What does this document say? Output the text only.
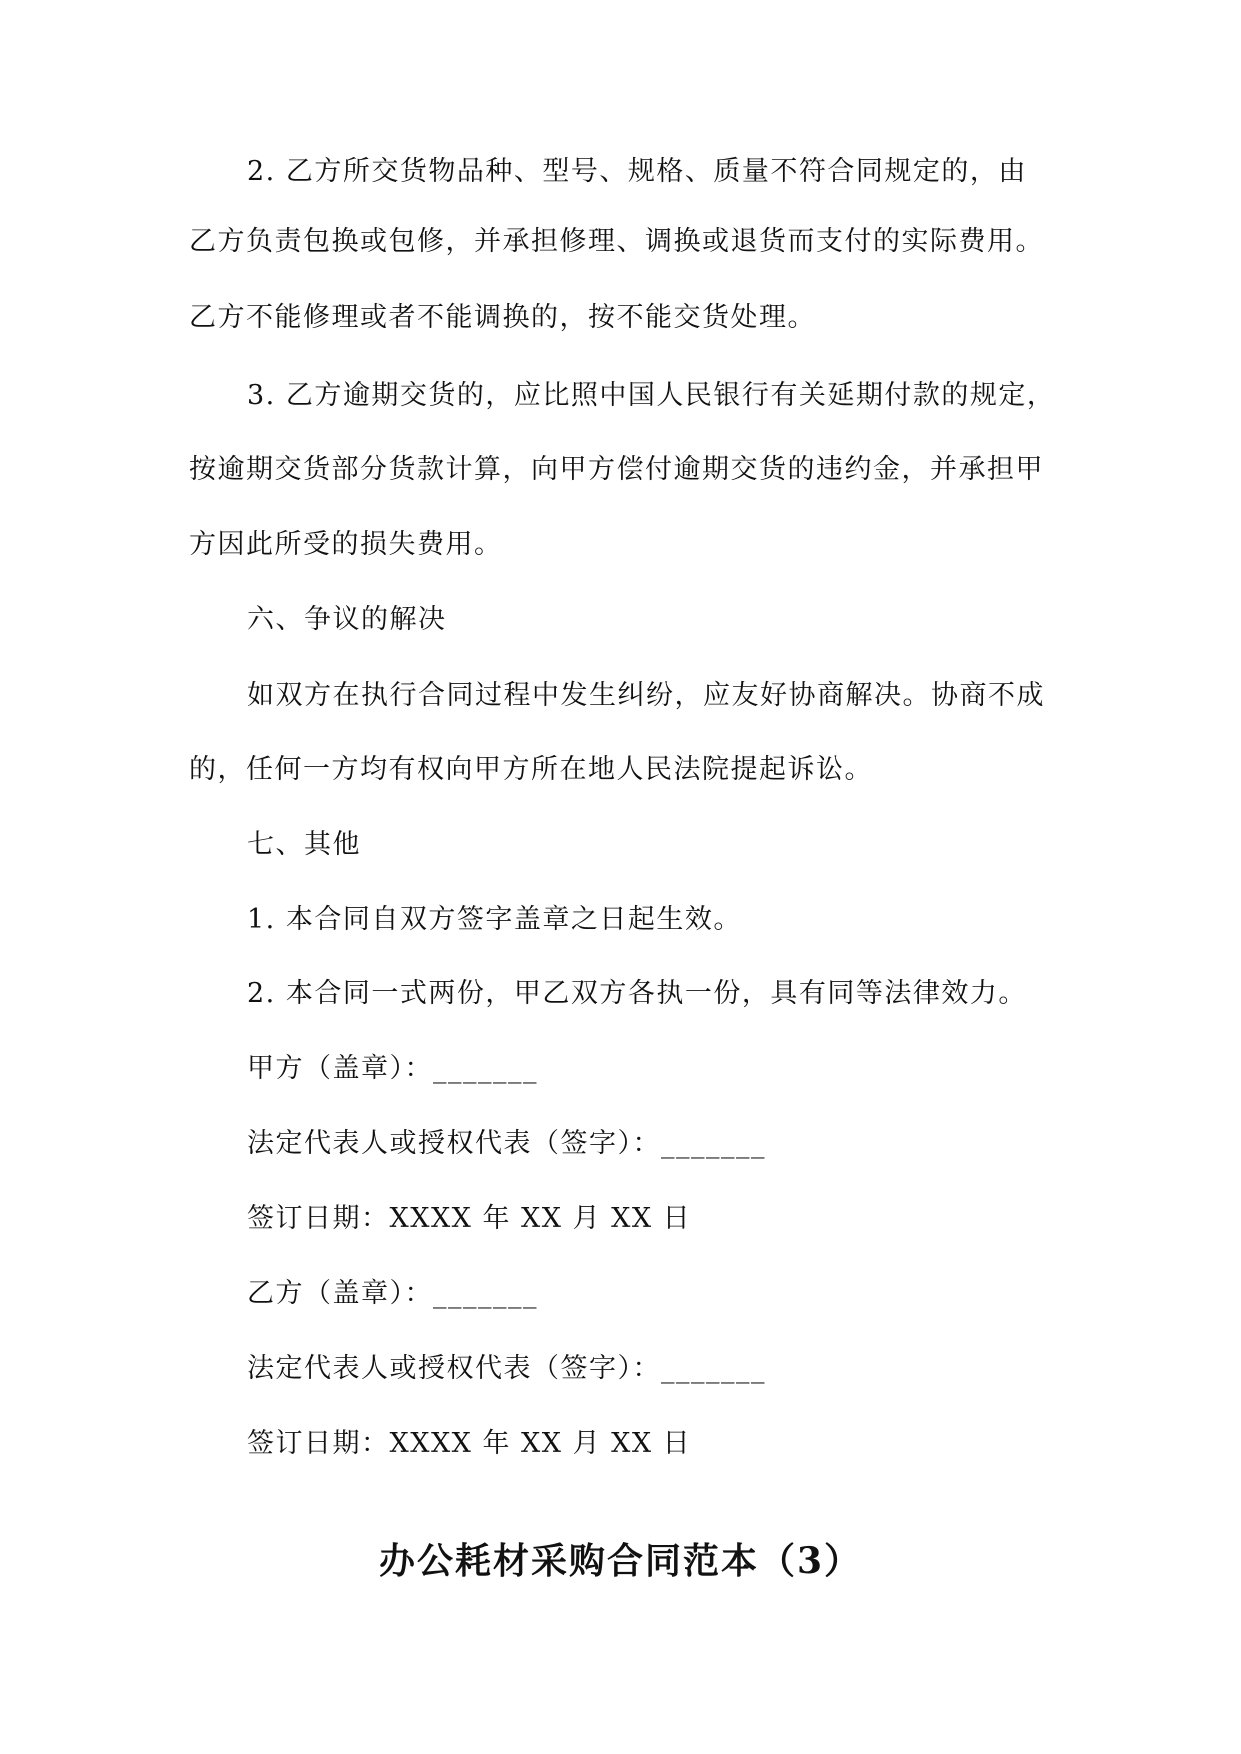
2. 乙方所交货物品种、型号、规格、质量不符合同规定的，由
乙方负责包换或包修，并承担修理、调换或退货而支付的实际费用。
乙方不能修理或者不能调换的，按不能交货处理。
3. 乙方逾期交货的，应比照中国人民银行有关延期付款的规定，
按逾期交货部分货款计算，向甲方偿付逾期交货的违约金，并承担甲
方因此所受的损失费用。
六、争议的解决
如双方在执行合同过程中发生纠纷，应友好协商解决。协商不成
的，任何一方均有权向甲方所在地人民法院提起诉讼。
七、其他
1. 本合同自双方签字盖章之日起生效。
2. 本合同一式两份，甲乙双方各执一份，具有同等法律效力。
甲方（盖章）：_______
法定代表人或授权代表（签字）：_______
签订日期：XXXX 年 XX 月 XX 日
乙方（盖章）：_______
法定代表人或授权代表（签字）：_______
签订日期：XXXX 年 XX 月 XX 日
办公耗材采购合同范本（3）
